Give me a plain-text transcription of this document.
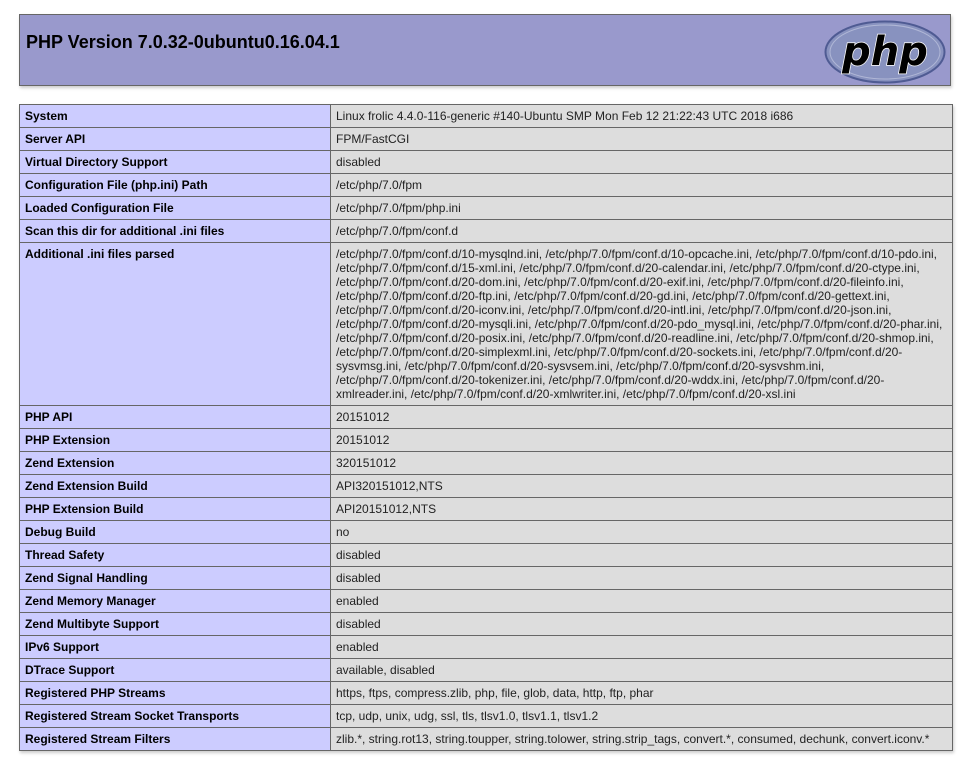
PHP Version 7.0.32-0ubuntu0.16.04.1	php
System	Linux frolic 4.4.0-116-generic #140-Ubuntu SMP Mon Feb 12 21:22:43 UTC 2018 i686
Server API	FPM/FastCGI
Virtual Directory Support	disabled
Configuration File (php.ini) Path	/etc/php/7.0/fpm
Loaded Configuration File	/etc/php/7.0/fpm/php.ini
Scan this dir for additional .ini files	/etc/php/7.0/fpm/conf.d
Additional .ini files parsed	/etc/php/7.0/fpm/conf.d/10-mysqlnd.ini, /etc/php/7.0/fpm/conf.d/10-opcache.ini, /etc/php/7.0/fpm/conf.d/10-pdo.ini, /etc/php/7.0/fpm/conf.d/15-xml.ini, /etc/php/7.0/fpm/conf.d/20-calendar.ini, /etc/php/7.0/fpm/conf.d/20-ctype.ini, /etc/php/7.0/fpm/conf.d/20-dom.ini, /etc/php/7.0/fpm/conf.d/20-exif.ini, /etc/php/7.0/fpm/conf.d/20-fileinfo.ini, /etc/php/7.0/fpm/conf.d/20-ftp.ini, /etc/php/7.0/fpm/conf.d/20-gd.ini, /etc/php/7.0/fpm/conf.d/20-gettext.ini, /etc/php/7.0/fpm/conf.d/20-iconv.ini, /etc/php/7.0/fpm/conf.d/20-intl.ini, /etc/php/7.0/fpm/conf.d/20-json.ini, /etc/php/7.0/fpm/conf.d/20-mysqli.ini, /etc/php/7.0/fpm/conf.d/20-pdo_mysql.ini, /etc/php/7.0/fpm/conf.d/20-phar.ini, /etc/php/7.0/fpm/conf.d/20-posix.ini, /etc/php/7.0/fpm/conf.d/20-readline.ini, /etc/php/7.0/fpm/conf.d/20-shmop.ini, /etc/php/7.0/fpm/conf.d/20-simplexml.ini, /etc/php/7.0/fpm/conf.d/20-sockets.ini, /etc/php/7.0/fpm/conf.d/20-sysvmsg.ini, /etc/php/7.0/fpm/conf.d/20-sysvsem.ini, /etc/php/7.0/fpm/conf.d/20-sysvshm.ini, /etc/php/7.0/fpm/conf.d/20-tokenizer.ini, /etc/php/7.0/fpm/conf.d/20-wddx.ini, /etc/php/7.0/fpm/conf.d/20-xmlreader.ini, /etc/php/7.0/fpm/conf.d/20-xmlwriter.ini, /etc/php/7.0/fpm/conf.d/20-xsl.ini
PHP API	20151012
PHP Extension	20151012
Zend Extension	320151012
Zend Extension Build	API320151012,NTS
PHP Extension Build	API20151012,NTS
Debug Build	no
Thread Safety	disabled
Zend Signal Handling	disabled
Zend Memory Manager	enabled
Zend Multibyte Support	disabled
IPv6 Support	enabled
DTrace Support	available, disabled
Registered PHP Streams	https, ftps, compress.zlib, php, file, glob, data, http, ftp, phar
Registered Stream Socket Transports	tcp, udp, unix, udg, ssl, tls, tlsv1.0, tlsv1.1, tlsv1.2
Registered Stream Filters	zlib.*, string.rot13, string.toupper, string.tolower, string.strip_tags, convert.*, consumed, dechunk, convert.iconv.*
